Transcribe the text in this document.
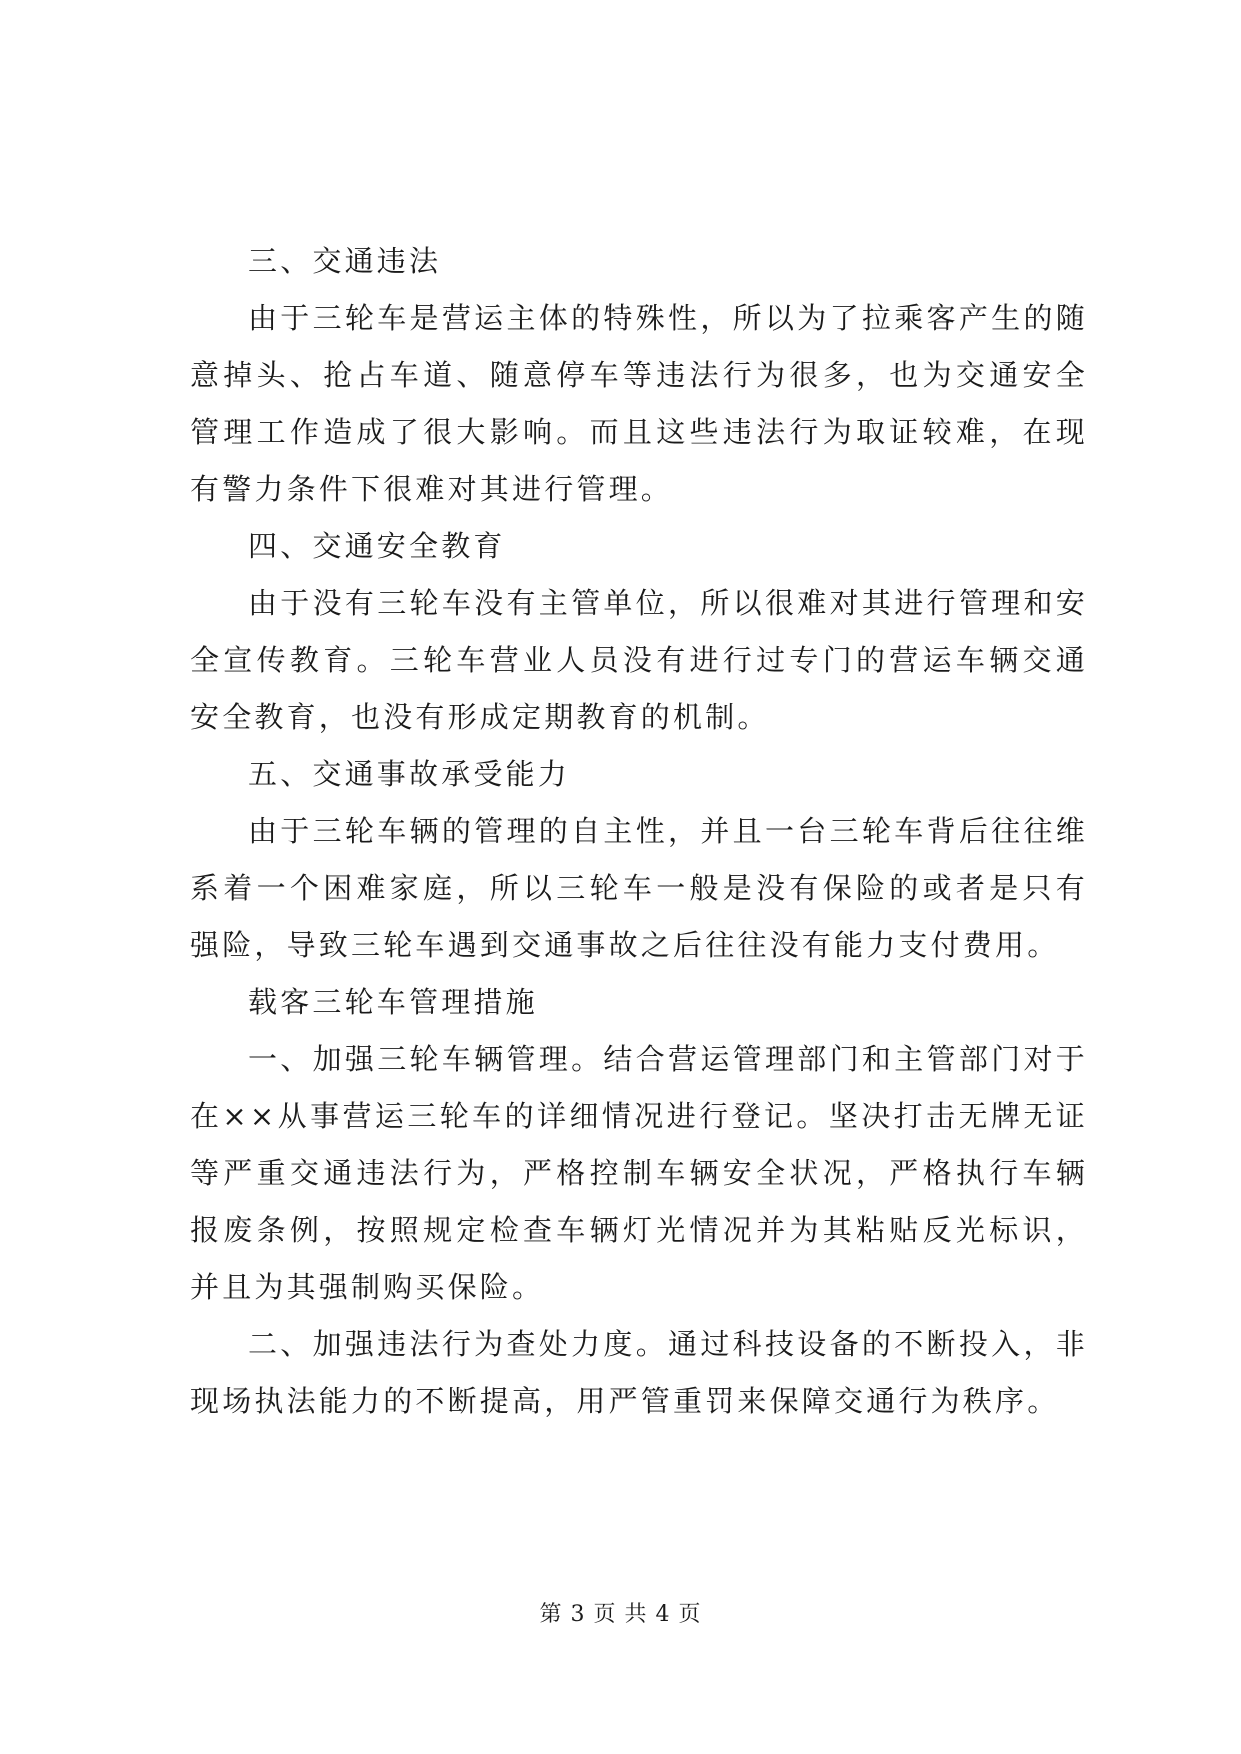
三、交通违法

由于三轮车是营运主体的特殊性，所以为了拉乘客产生的随意掉头、抢占车道、随意停车等违法行为很多，也为交通安全管理工作造成了很大影响。而且这些违法行为取证较难，在现有警力条件下很难对其进行管理。

四、交通安全教育

由于没有三轮车没有主管单位，所以很难对其进行管理和安全宣传教育。三轮车营业人员没有进行过专门的营运车辆交通安全教育，也没有形成定期教育的机制。

五、交通事故承受能力

由于三轮车辆的管理的自主性，并且一台三轮车背后往往维系着一个困难家庭，所以三轮车一般是没有保险的或者是只有强险，导致三轮车遇到交通事故之后往往没有能力支付费用。

载客三轮车管理措施

一、加强三轮车辆管理。结合营运管理部门和主管部门对于在××从事营运三轮车的详细情况进行登记。坚决打击无牌无证等严重交通违法行为，严格控制车辆安全状况，严格执行车辆报废条例，按照规定检查车辆灯光情况并为其粘贴反光标识，并且为其强制购买保险。

二、加强违法行为查处力度。通过科技设备的不断投入，非现场执法能力的不断提高，用严管重罚来保障交通行为秩序。

第 3 页 共 4 页
